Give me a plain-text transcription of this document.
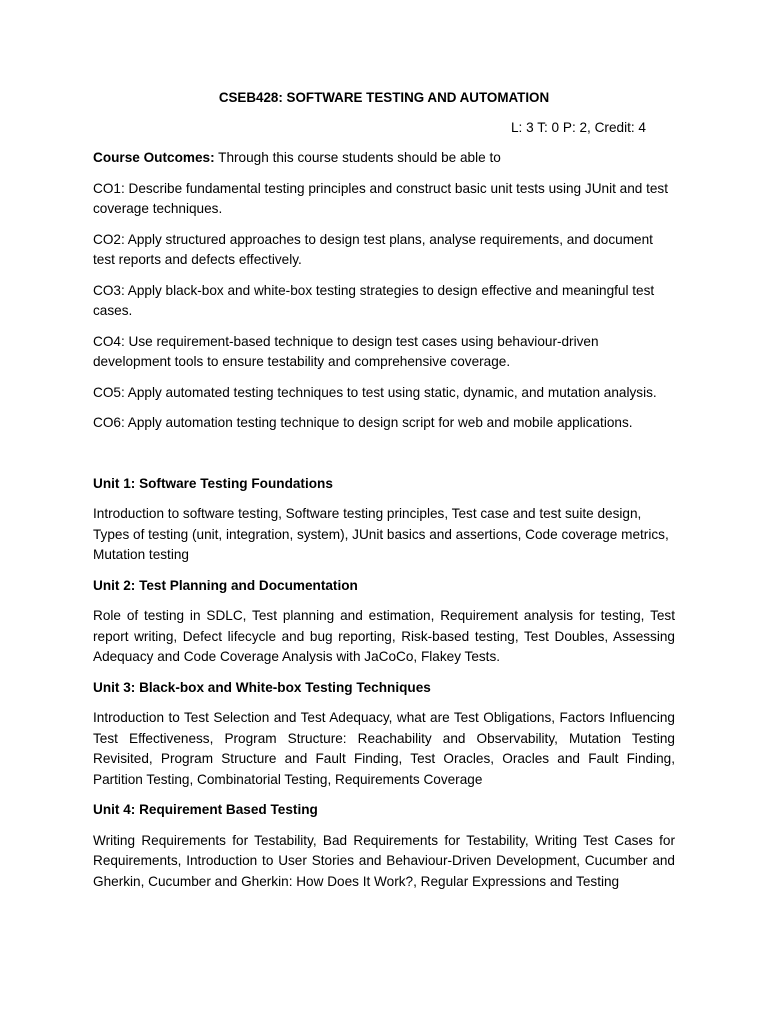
CSEB428: SOFTWARE TESTING AND AUTOMATION
L: 3 T: 0 P: 2, Credit: 4

Course Outcomes: Through this course students should be able to

CO1: Describe fundamental testing principles and construct basic unit tests using JUnit and test coverage techniques.

CO2: Apply structured approaches to design test plans, analyse requirements, and document test reports and defects effectively.

CO3: Apply black-box and white-box testing strategies to design effective and meaningful test cases.

CO4: Use requirement-based technique to design test cases using behaviour-driven development tools to ensure testability and comprehensive coverage.

CO5: Apply automated testing techniques to test using static, dynamic, and mutation analysis.

CO6: Apply automation testing technique to design script for web and mobile applications.

Unit 1: Software Testing Foundations

Introduction to software testing, Software testing principles, Test case and test suite design, Types of testing (unit, integration, system), JUnit basics and assertions, Code coverage metrics, Mutation testing

Unit 2: Test Planning and Documentation

Role of testing in SDLC, Test planning and estimation, Requirement analysis for testing, Test report writing, Defect lifecycle and bug reporting, Risk-based testing, Test Doubles, Assessing Adequacy and Code Coverage Analysis with JaCoCo, Flakey Tests.

Unit 3: Black-box and White-box Testing Techniques

Introduction to Test Selection and Test Adequacy, what are Test Obligations, Factors Influencing Test Effectiveness, Program Structure: Reachability and Observability, Mutation Testing Revisited, Program Structure and Fault Finding, Test Oracles, Oracles and Fault Finding, Partition Testing, Combinatorial Testing, Requirements Coverage

Unit 4: Requirement Based Testing

Writing Requirements for Testability, Bad Requirements for Testability, Writing Test Cases for Requirements, Introduction to User Stories and Behaviour-Driven Development, Cucumber and Gherkin, Cucumber and Gherkin: How Does It Work?, Regular Expressions and Testing
